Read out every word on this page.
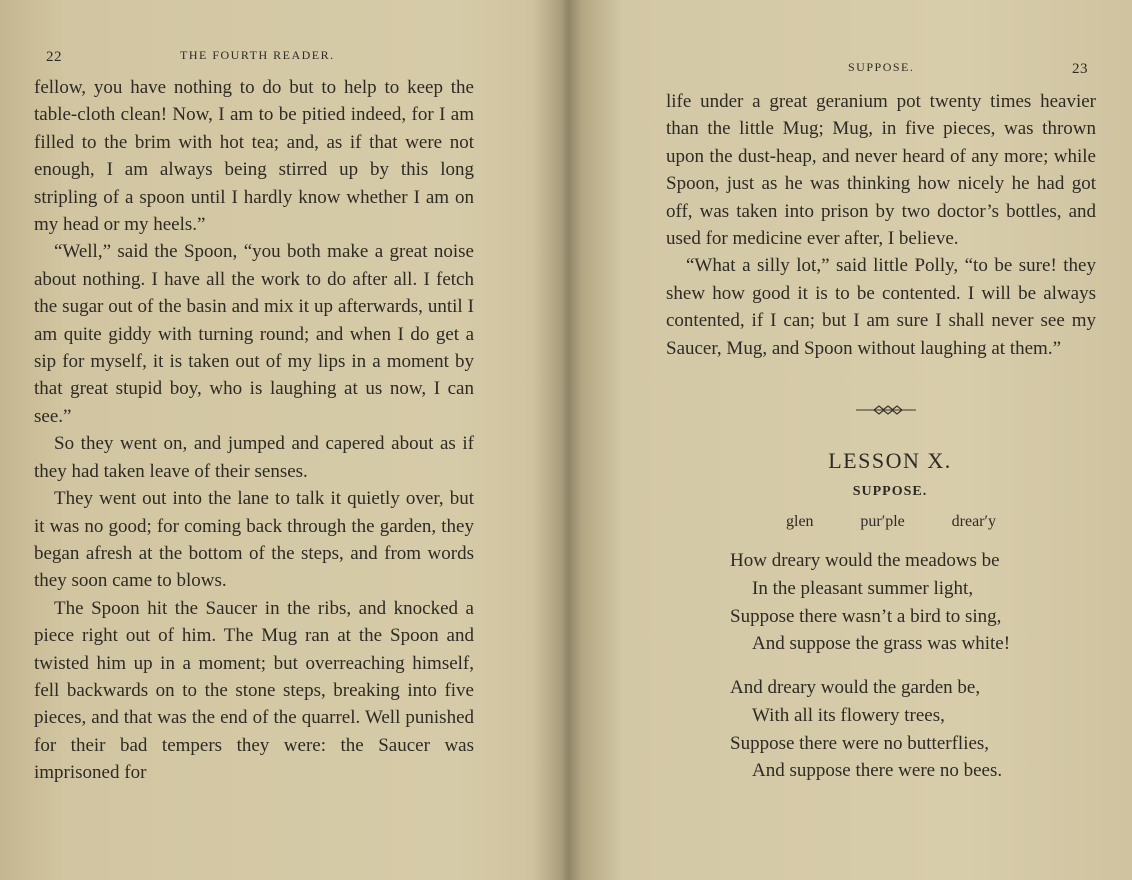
22	THE FOURTH READER.

fellow, you have nothing to do but to help to keep the table-cloth clean! Now, I am to be pitied indeed, for I am filled to the brim with hot tea; and, as if that were not enough, I am always being stirred up by this long stripling of a spoon until I hardly know whether I am on my head or my heels.”

“Well,” said the Spoon, “you both make a great noise about nothing. I have all the work to do after all. I fetch the sugar out of the basin and mix it up afterwards, until I am quite giddy with turning round; and when I do get a sip for myself, it is taken out of my lips in a moment by that great stupid boy, who is laughing at us now, I can see.”

So they went on, and jumped and capered about as if they had taken leave of their senses.

They went out into the lane to talk it quietly over, but it was no good; for coming back through the garden, they began afresh at the bottom of the steps, and from words they soon came to blows.

The Spoon hit the Saucer in the ribs, and knocked a piece right out of him. The Mug ran at the Spoon and twisted him up in a moment; but overreaching himself, fell backwards on to the stone steps, breaking into five pieces, and that was the end of the quarrel. Well punished for their bad tempers they were: the Saucer was imprisoned for

SUPPOSE.	23

life under a great geranium pot twenty times heavier than the little Mug; Mug, in five pieces, was thrown upon the dust-heap, and never heard of any more; while Spoon, just as he was thinking how nicely he had got off, was taken into prison by two doctor’s bottles, and used for medicine ever after, I believe.

“What a silly lot,” said little Polly, “to be sure! they shew how good it is to be contented. I will be always contented, if I can; but I am sure I shall never see my Saucer, Mug, and Spoon without laughing at them.”

LESSON X.
SUPPOSE.
glen	pur′ple	drear′y
How dreary would the meadows be
In the pleasant summer light,
Suppose there wasn’t a bird to sing,
And suppose the grass was white!
And dreary would the garden be,
With all its flowery trees,
Suppose there were no butterflies,
And suppose there were no bees.
